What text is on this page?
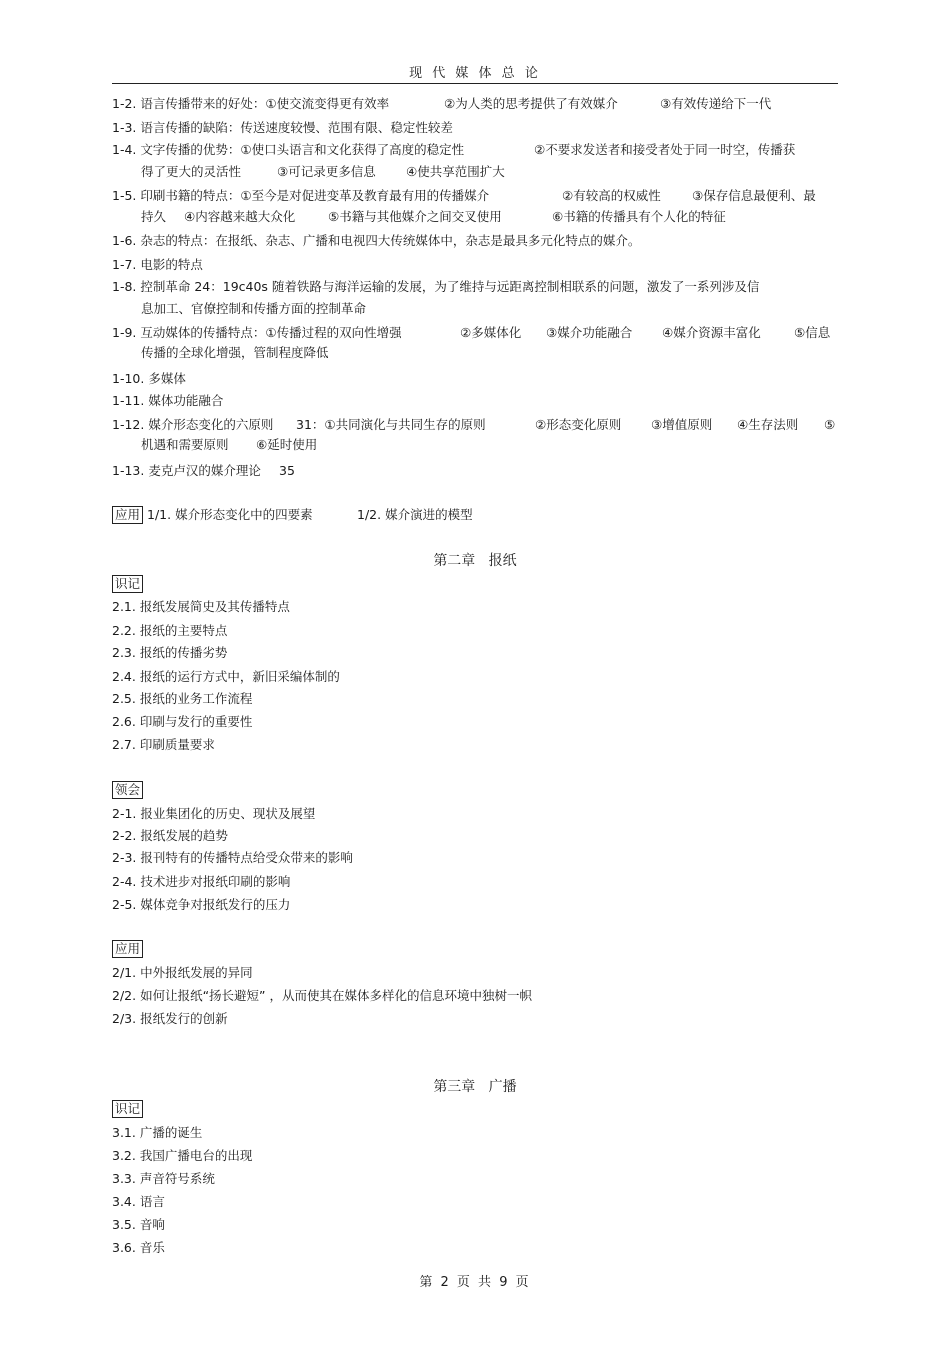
现 代 媒 体 总 论
1-2. 语言传播带来的好处：①使交流变得更有效率	②为人类的思考提供了有效媒介	③有效传递给下一代
1-3. 语言传播的缺陷：传送速度较慢、范围有限、稳定性较差
1-4. 文字传播的优势：①使口头语言和文化获得了高度的稳定性	②不要求发送者和接受者处于同一时空，传播获
得了更大的灵活性	③可记录更多信息 ④使共享范围扩大
1-5. 印刷书籍的特点：①至今是对促进变革及教育最有用的传播媒介	②有较高的权威性	③保存信息最便利、最
持久 ④内容越来越大众化	⑤书籍与其他媒介之间交叉使用	⑥书籍的传播具有个人化的特征
1-6. 杂志的特点：在报纸、杂志、广播和电视四大传统媒体中，杂志是最具多元化特点的媒介。
1-7. 电影的特点
1-8. 控制革命 24：19c40s 随着铁路与海洋运输的发展，为了维持与远距离控制相联系的问题，激发了一系列涉及信
息加工、官僚控制和传播方面的控制革命
1-9. 互动媒体的传播特点：①传播过程的双向性增强	②多媒体化 ③媒介功能融合 ④媒介资源丰富化	⑤信息
传播的全球化增强，管制程度降低
1-10. 多媒体
1-11. 媒体功能融合
1-12. 媒介形态变化的六原则 31：①共同演化与共同生存的原则	②形态变化原则 ③增值原则 ④生存法则 ⑤
机遇和需要原则 ⑥延时使用
1-13. 麦克卢汉的媒介理论 35
应用 1/1. 媒介形态变化中的四要素	1/2. 媒介演进的模型
第二章 报纸
识记
2.1. 报纸发展简史及其传播特点
2.2. 报纸的主要特点
2.3. 报纸的传播劣势
2.4. 报纸的运行方式中，新旧采编体制的
2.5. 报纸的业务工作流程
2.6. 印刷与发行的重要性
2.7. 印刷质量要求
领会
2-1. 报业集团化的历史、现状及展望
2-2. 报纸发展的趋势
2-3. 报刊特有的传播特点给受众带来的影响
2-4. 技术进步对报纸印刷的影响
2-5. 媒体竞争对报纸发行的压力
应用
2/1. 中外报纸发展的异同
2/2. 如何让报纸“扬长避短” ，从而使其在媒体多样化的信息环境中独树一帜
2/3. 报纸发行的创新
第三章 广播
识记
3.1. 广播的诞生
3.2. 我国广播电台的出现
3.3. 声音符号系统
3.4. 语言
3.5. 音响
3.6. 音乐
第 2 页 共 9 页
